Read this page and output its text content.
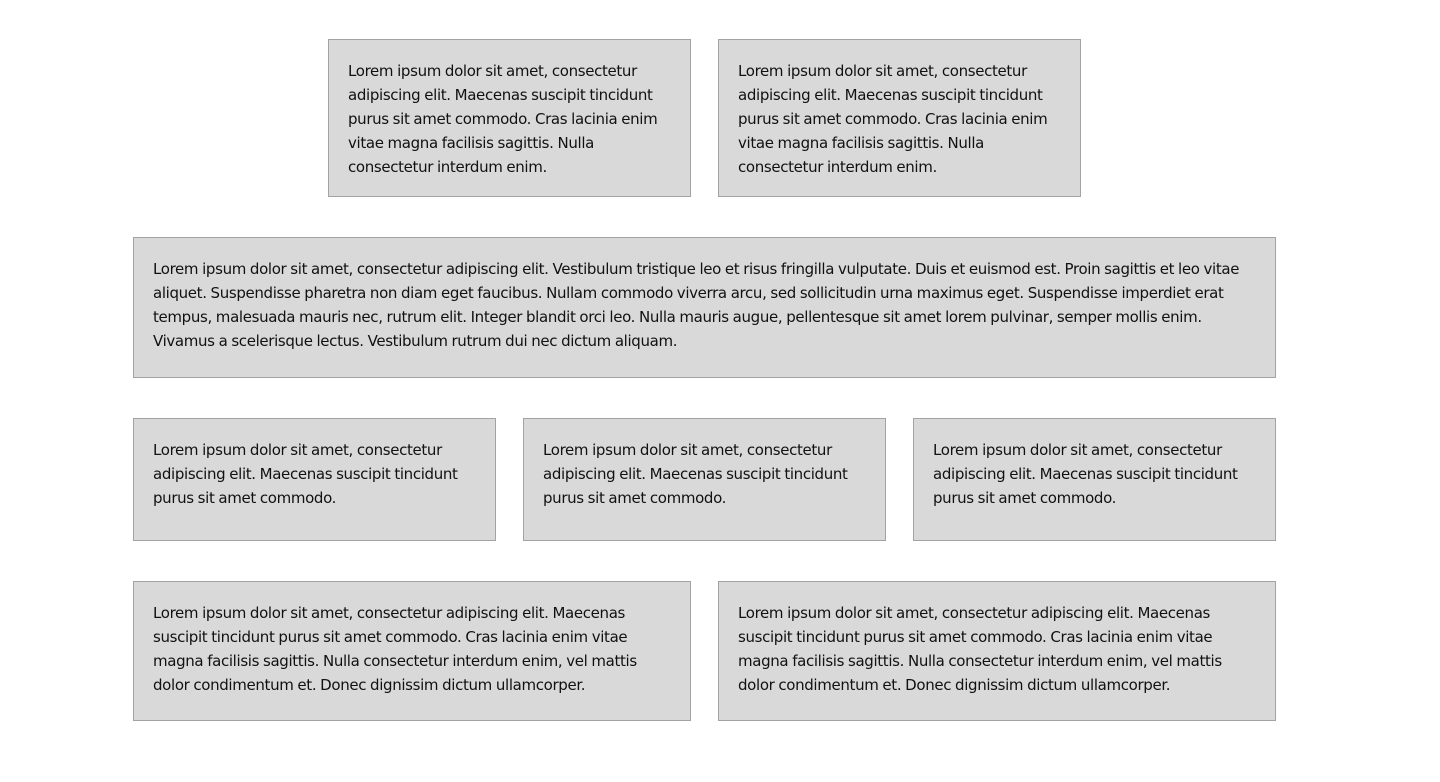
Lorem ipsum dolor sit amet, consectetur adipiscing elit. Maecenas suscipit tincidunt purus sit amet commodo. Cras lacinia enim vitae magna facilisis sagittis. Nulla consectetur interdum enim.

Lorem ipsum dolor sit amet, consectetur adipiscing elit. Maecenas suscipit tincidunt purus sit amet commodo. Cras lacinia enim vitae magna facilisis sagittis. Nulla consectetur interdum enim.

Lorem ipsum dolor sit amet, consectetur adipiscing elit. Vestibulum tristique leo et risus fringilla vulputate. Duis et euismod est. Proin sagittis et leo vitae aliquet. Suspendisse pharetra non diam eget faucibus. Nullam commodo viverra arcu, sed sollicitudin urna maximus eget. Suspendisse imperdiet erat tempus, malesuada mauris nec, rutrum elit. Integer blandit orci leo. Nulla mauris augue, pellentesque sit amet lorem pulvinar, semper mollis enim. Vivamus a scelerisque lectus. Vestibulum rutrum dui nec dictum aliquam.

Lorem ipsum dolor sit amet, consectetur adipiscing elit. Maecenas suscipit tincidunt purus sit amet commodo.

Lorem ipsum dolor sit amet, consectetur adipiscing elit. Maecenas suscipit tincidunt purus sit amet commodo.

Lorem ipsum dolor sit amet, consectetur adipiscing elit. Maecenas suscipit tincidunt purus sit amet commodo.

Lorem ipsum dolor sit amet, consectetur adipiscing elit. Maecenas suscipit tincidunt purus sit amet commodo. Cras lacinia enim vitae magna facilisis sagittis. Nulla consectetur interdum enim, vel mattis dolor condimentum et. Donec dignissim dictum ullamcorper.

Lorem ipsum dolor sit amet, consectetur adipiscing elit. Maecenas suscipit tincidunt purus sit amet commodo. Cras lacinia enim vitae magna facilisis sagittis. Nulla consectetur interdum enim, vel mattis dolor condimentum et. Donec dignissim dictum ullamcorper.
